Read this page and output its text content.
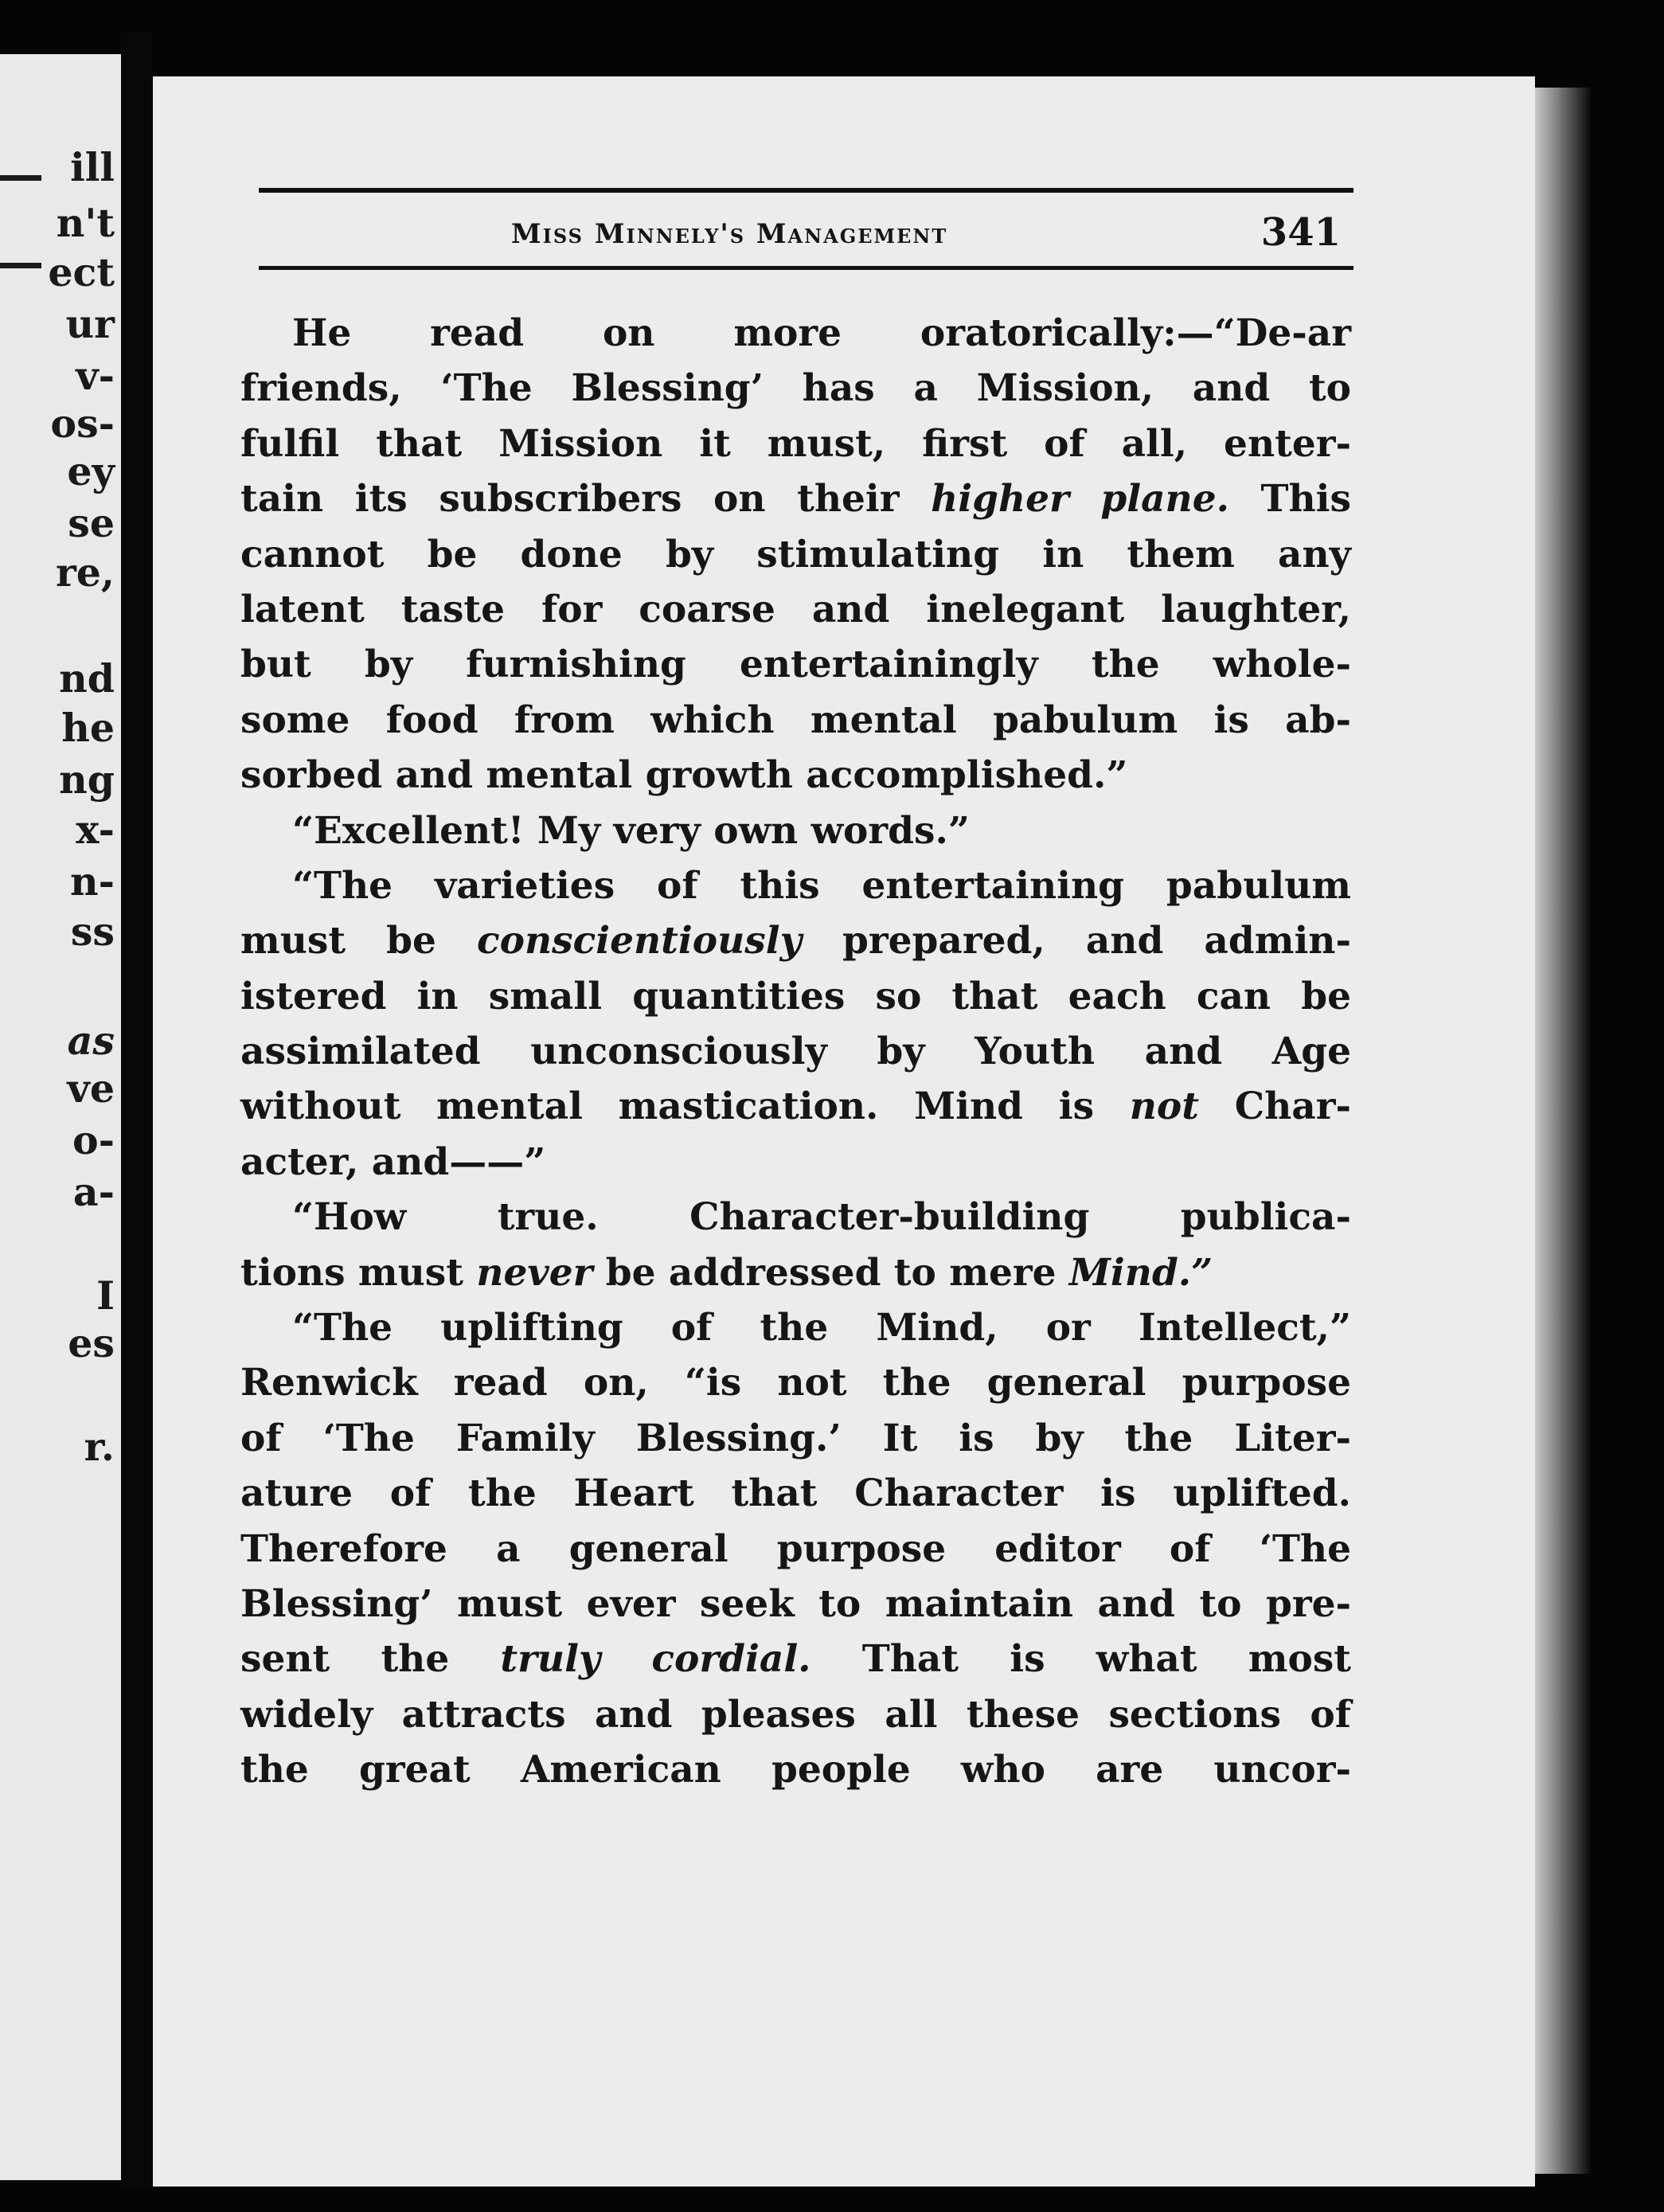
ill
n't
ect
ur
v-
os-
ey
se
re,
nd
he
ng
x-
n-
ss
as
ve
o-
a-
I
es
r.
Miss Minnely's Management	341
He read on more oratorically:—“De-ar
friends, ‘The Blessing’ has a Mission, and to
fulfil that Mission it must, first of all, enter-
tain its subscribers on their higher plane. This
cannot be done by stimulating in them any
latent taste for coarse and inelegant laughter,
but by furnishing entertainingly the whole-
some food from which mental pabulum is ab-
sorbed and mental growth accomplished.”
“Excellent! My very own words.”
“The varieties of this entertaining pabulum
must be conscientiously prepared, and admin-
istered in small quantities so that each can be
assimilated unconsciously by Youth and Age
without mental mastication. Mind is not Char-
acter, and——”
“How true. Character-building publica-
tions must never be addressed to mere Mind.”
“The uplifting of the Mind, or Intellect,”
Renwick read on, “is not the general purpose
of ‘The Family Blessing.’ It is by the Liter-
ature of the Heart that Character is uplifted.
Therefore a general purpose editor of ‘The
Blessing’ must ever seek to maintain and to pre-
sent the truly cordial. That is what most
widely attracts and pleases all these sections of
the great American people who are uncor-
